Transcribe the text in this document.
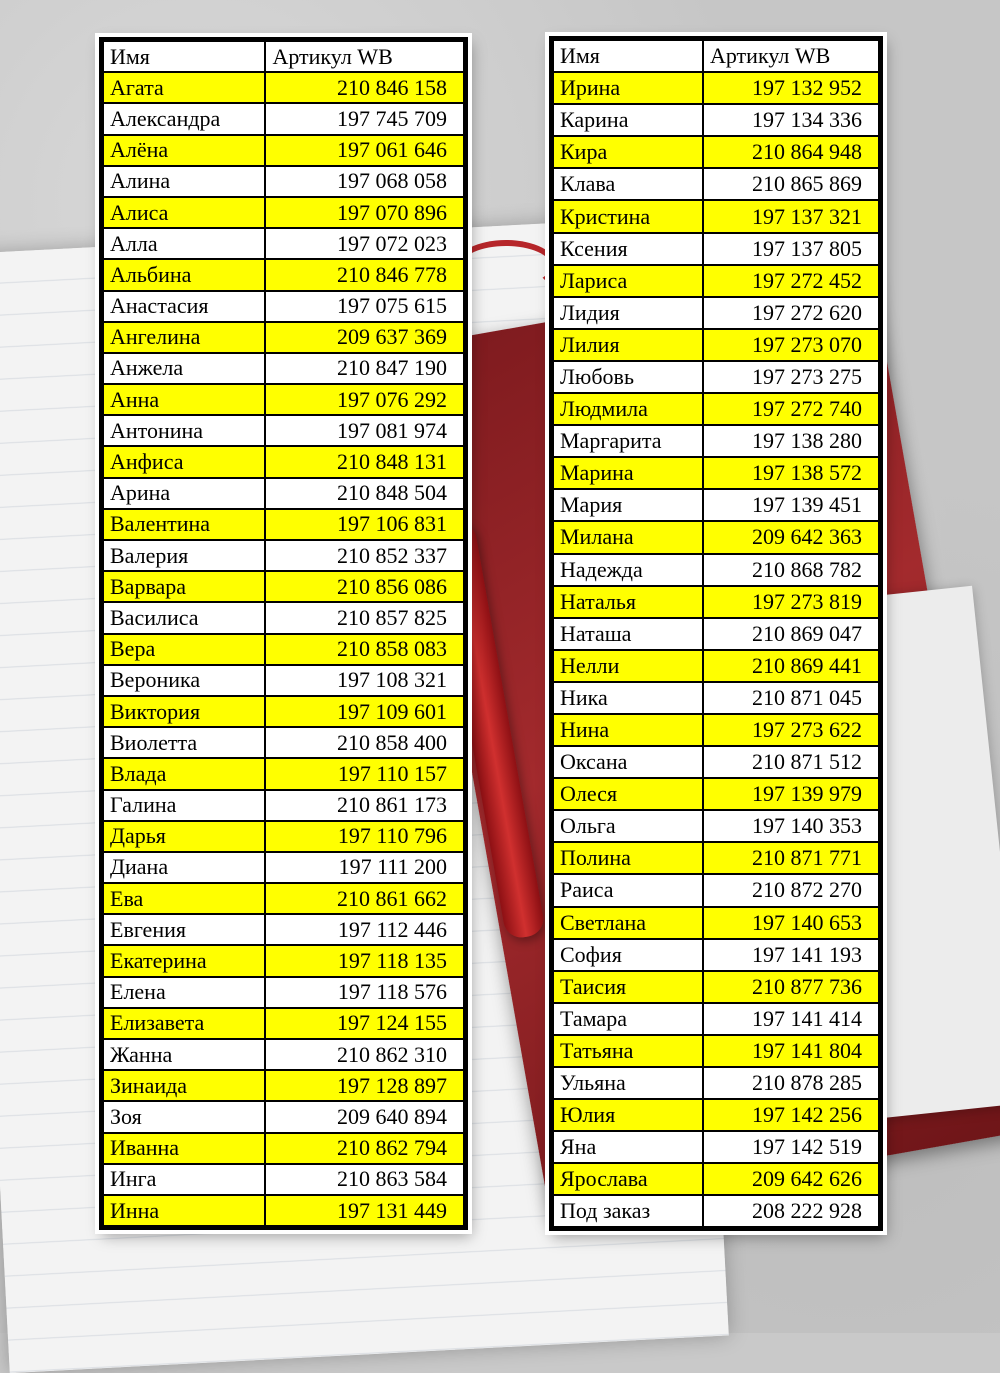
Имя	Артикул WB
Агата	210 846 158
Александра	197 745 709
Алёна	197 061 646
Алина	197 068 058
Алиса	197 070 896
Алла	197 072 023
Альбина	210 846 778
Анастасия	197 075 615
Ангелина	209 637 369
Анжела	210 847 190
Анна	197 076 292
Антонина	197 081 974
Анфиса	210 848 131
Арина	210 848 504
Валентина	197 106 831
Валерия	210 852 337
Варвара	210 856 086
Василиса	210 857 825
Вера	210 858 083
Вероника	197 108 321
Виктория	197 109 601
Виолетта	210 858 400
Влада	197 110 157
Галина	210 861 173
Дарья	197 110 796
Диана	197 111 200
Ева	210 861 662
Евгения	197 112 446
Екатерина	197 118 135
Елена	197 118 576
Елизавета	197 124 155
Жанна	210 862 310
Зинаида	197 128 897
Зоя	209 640 894
Иванна	210 862 794
Инга	210 863 584
Инна	197 131 449
Имя	Артикул WB
Ирина	197 132 952
Карина	197 134 336
Кира	210 864 948
Клава	210 865 869
Кристина	197 137 321
Ксения	197 137 805
Лариса	197 272 452
Лидия	197 272 620
Лилия	197 273 070
Любовь	197 273 275
Людмила	197 272 740
Маргарита	197 138 280
Марина	197 138 572
Мария	197 139 451
Милана	209 642 363
Надежда	210 868 782
Наталья	197 273 819
Наташа	210 869 047
Нелли	210 869 441
Ника	210 871 045
Нина	197 273 622
Оксана	210 871 512
Олеся	197 139 979
Ольга	197 140 353
Полина	210 871 771
Раиса	210 872 270
Светлана	197 140 653
София	197 141 193
Таисия	210 877 736
Тамара	197 141 414
Татьяна	197 141 804
Ульяна	210 878 285
Юлия	197 142 256
Яна	197 142 519
Ярослава	209 642 626
Под заказ	208 222 928
